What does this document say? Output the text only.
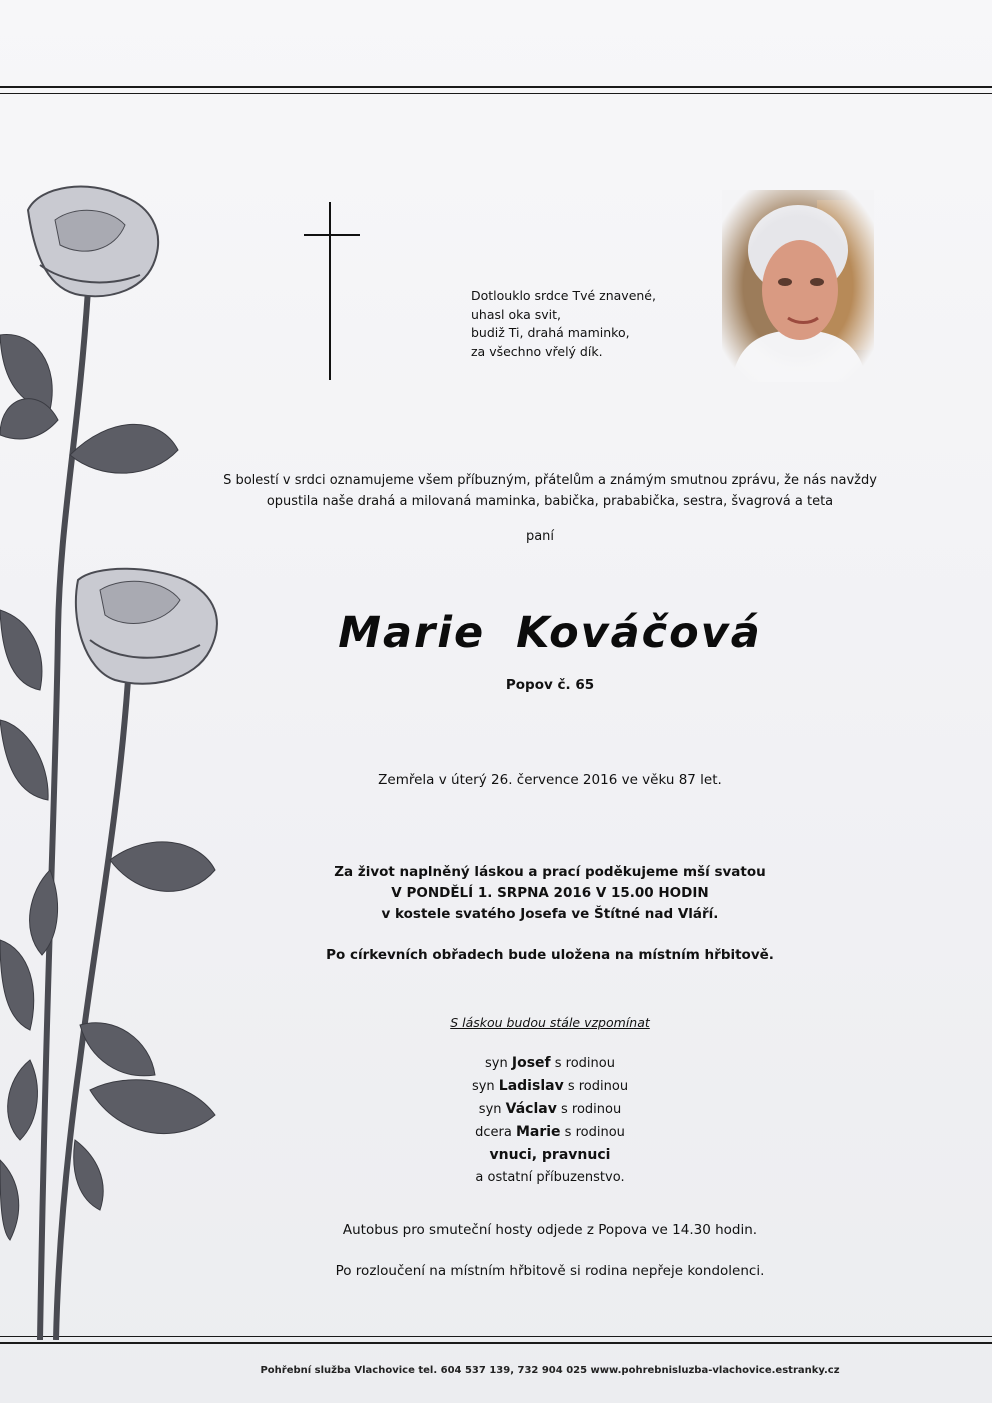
Dotlouklo srdce Tvé znavené,
uhasl oka svit,
budiž Ti, drahá maminko,
za všechno vřelý dík.
S bolestí v srdci oznamujeme všem příbuzným, přátelům a známým smutnou zprávu, že nás navždy
opustila naše drahá a milovaná maminka, babička, prababička, sestra, švagrová a teta
paní
Marie Kováčová
Popov č. 65
Zemřela v úterý 26. července 2016 ve věku 87 let.
Za život naplněný láskou a prací poděkujeme mší svatou
V PONDĚLÍ 1. SRPNA 2016 V 15.00 HODIN
v kostele svatého Josefa ve Štítné nad Vláří.
Po církevních obřadech bude uložena na místním hřbitově.
S láskou budou stále vzpomínat
syn Josef s rodinou
syn Ladislav s rodinou
syn Václav s rodinou
dcera Marie s rodinou
vnuci, pravnuci
a ostatní příbuzenstvo.
Autobus pro smuteční hosty odjede z Popova ve 14.30 hodin.
Po rozloučení na místním hřbitově si rodina nepřeje kondolenci.
Pohřební služba Vlachovice tel. 604 537 139, 732 904 025 www.pohrebnisluzba-vlachovice.estranky.cz
